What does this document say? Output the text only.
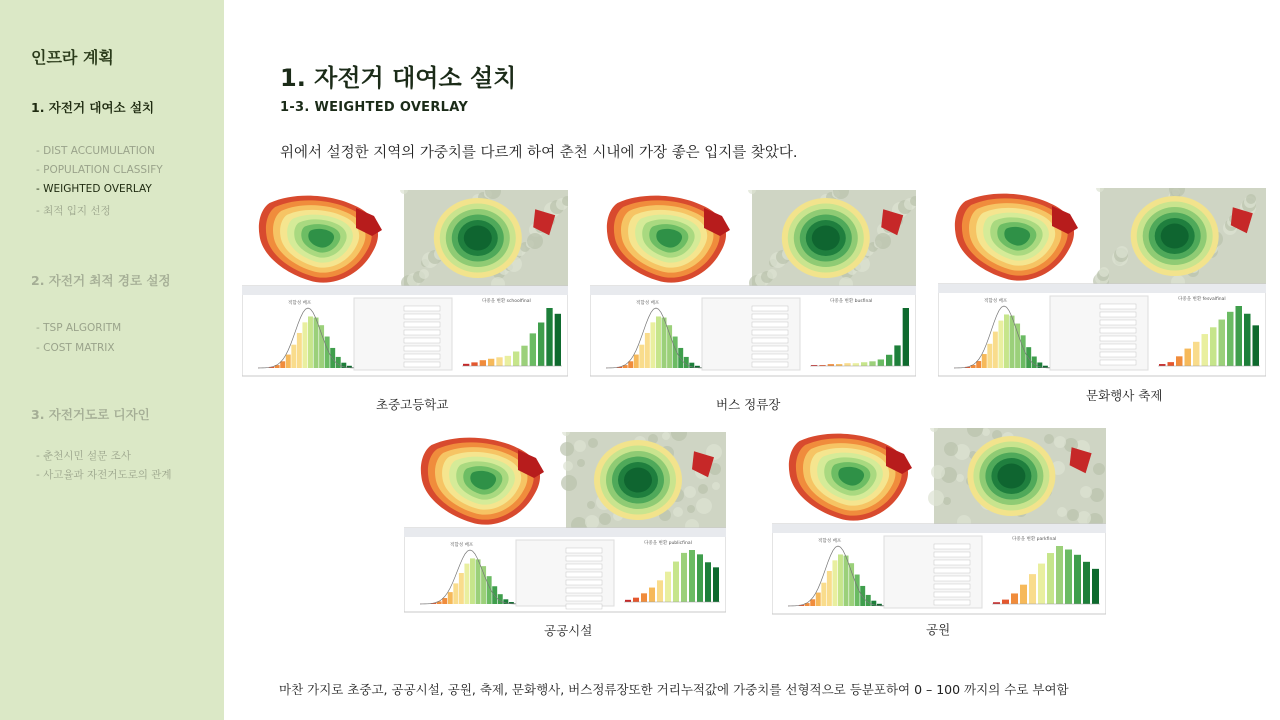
인프라 계획
1. 자전거 대여소 설치
- DIST ACCUMULATION
- POPULATION CLASSIFY
- WEIGHTED OVERLAY
- 최적 입지 선정
2. 자전거 최적 경로 설정
- TSP ALGORITM
- COST MATRIX
3. 자전거도로 디자인
- 춘천시민 설문 조사
- 사고율과 자전거도로의 관계
1. 자전거 대여소 설치
1-3. WEIGHTED OVERLAY
위에서 설정한 지역의 가중치를 다르게 하여 춘천 시내에 가장 좋은 입지를 찾았다.
적합성 배포	다중을 변환 schoolfinal
초중고등학교
적합성 배포	다중을 변환 busfinal
버스 정류장
적합성 배포	다중을 변환 fesvalfinal
문화행사 축제
적합성 배포	다중을 변환 publicfinal
공공시설
적합성 배포	다중을 변환 parkfinal
공원
마찬 가지로 초중고, 공공시설, 공원, 축제, 문화행사, 버스정류장또한 거리누적값에 가중치를 선형적으로 등분포하여 0 – 100 까지의 수로 부여함
